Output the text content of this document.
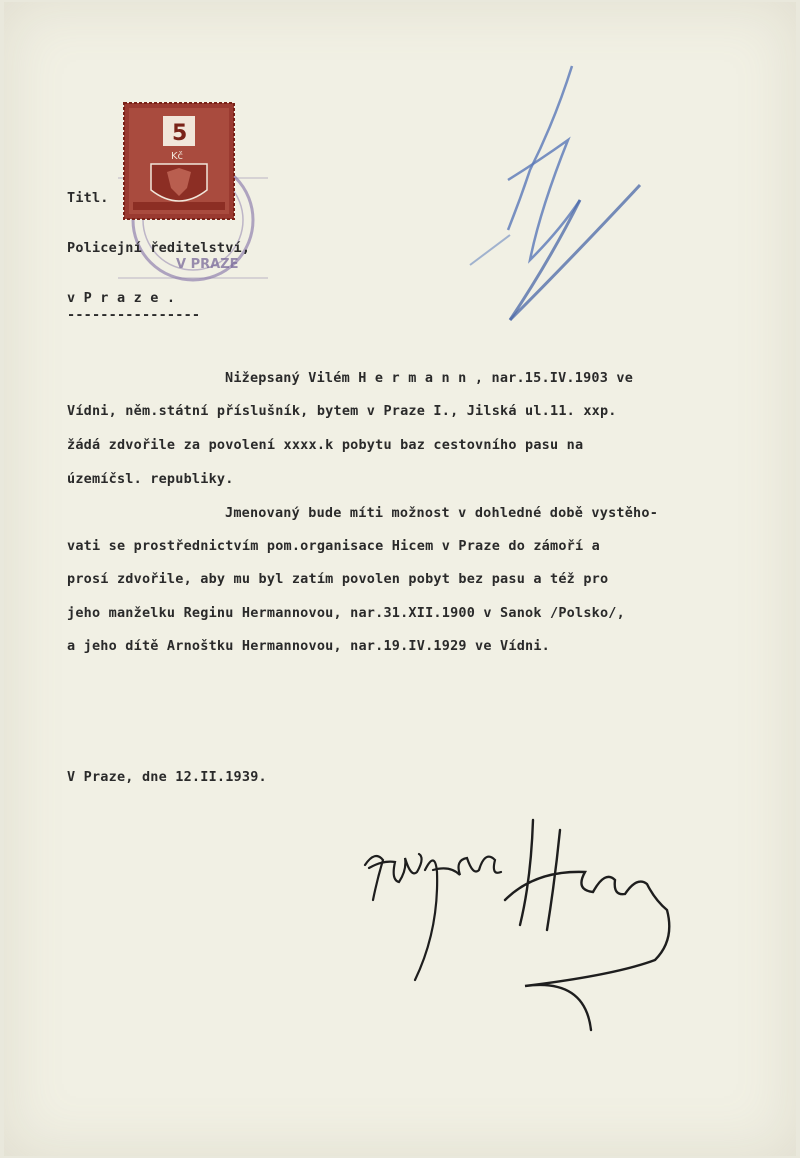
V PRAZE
5
Kč
Titl.
Policejní ředitelství,
v P r a z e .
----------------
Nižepsaný Vilém H e r m a n n , nar.15.IV.1903 ve
Vídni, něm.státní příslušník, bytem v Praze I., Jilská ul.11. xxp.
žádá zdvořile za povolení xxxx.k pobytu baz cestovního pasu na
územíčsl. republiky.
Jmenovaný bude míti možnost v dohledné době vystěho-
vati se prostřednictvím pom.organisace Hicem v Praze do zámoří a
prosí zdvořile, aby mu byl zatím povolen pobyt bez pasu a též pro
jeho manželku Reginu Hermannovou, nar.31.XII.1900 v Sanok /Polsko/,
a jeho dítě Arnoštku Hermannovou, nar.19.IV.1929 ve Vídni.
V Praze, dne 12.II.1939.
